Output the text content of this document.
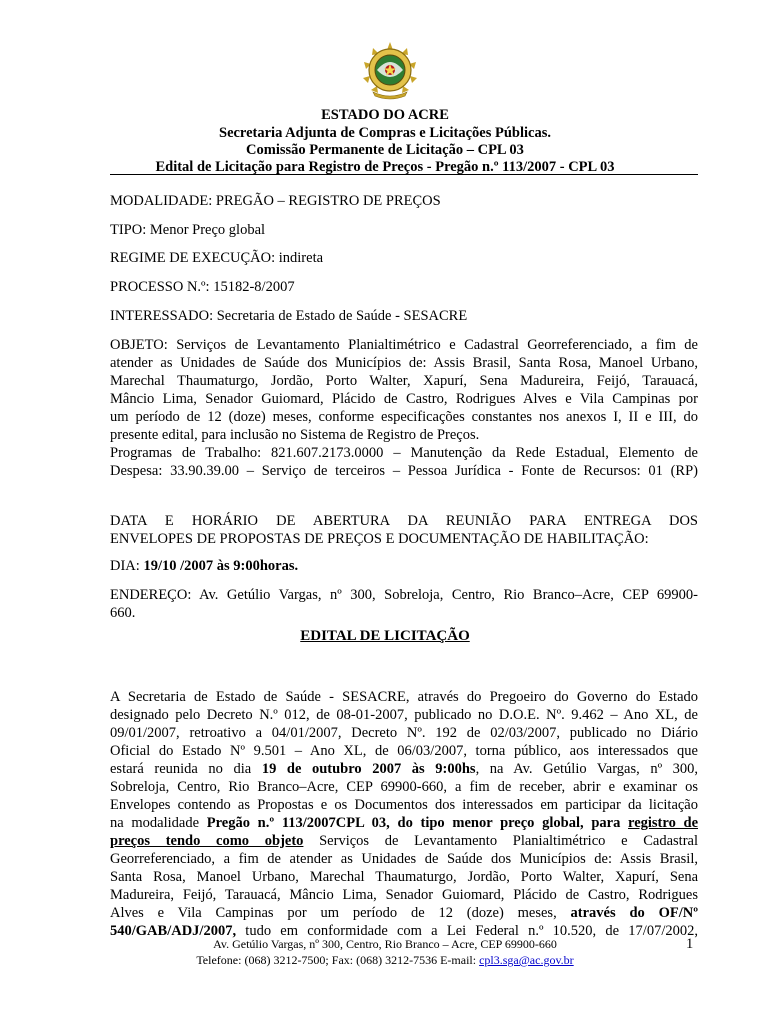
ESTADO DO ACRE
Secretaria Adjunta de Compras e Licitações Públicas.
Comissão Permanente de Licitação – CPL 03
Edital de Licitação para Registro de Preços - Pregão n.º 113/2007 - CPL 03
MODALIDADE: PREGÃO – REGISTRO DE PREÇOS
TIPO: Menor Preço global
REGIME DE EXECUÇÃO: indireta
PROCESSO N.º: 15182-8/2007
INTERESSADO: Secretaria de Estado de Saúde - SESACRE
OBJETO: Serviços de Levantamento Planialtimétrico e Cadastral Georreferenciado, a fim de
atender as Unidades de Saúde dos Municípios de: Assis Brasil, Santa Rosa, Manoel Urbano,
Marechal Thaumaturgo, Jordão, Porto Walter, Xapurí, Sena Madureira, Feijó, Tarauacá,
Mâncio Lima, Senador Guiomard, Plácido de Castro, Rodrigues Alves e Vila Campinas por
um período de 12 (doze) meses, conforme especificações constantes nos anexos I, II e III, do
presente edital, para inclusão no Sistema de Registro de Preços.
Programas de Trabalho: 821.607.2173.0000 – Manutenção da Rede Estadual, Elemento de
Despesa: 33.90.39.00 – Serviço de terceiros – Pessoa Jurídica - Fonte de Recursos: 01 (RP)
DATA E HORÁRIO DE ABERTURA DA REUNIÃO PARA ENTREGA DOS
ENVELOPES DE PROPOSTAS DE PREÇOS E DOCUMENTAÇÃO DE HABILITAÇÃO:
DIA: 19/10 /2007 às 9:00horas.
ENDEREÇO: Av. Getúlio Vargas, nº 300, Sobreloja, Centro, Rio Branco–Acre, CEP 69900-
660.
EDITAL DE LICITAÇÃO
A Secretaria de Estado de Saúde - SESACRE, através do Pregoeiro do Governo do Estado
designado pelo Decreto N.º 012, de 08-01-2007, publicado no D.O.E. Nº. 9.462 – Ano XL, de
09/01/2007, retroativo a 04/01/2007, Decreto Nº. 192 de 02/03/2007, publicado no Diário
Oficial do Estado Nº 9.501 – Ano XL, de 06/03/2007, torna público, aos interessados que
estará reunida no dia 19 de outubro 2007 às 9:00hs, na Av. Getúlio Vargas, nº 300,
Sobreloja, Centro, Rio Branco–Acre, CEP 69900-660, a fim de receber, abrir e examinar os
Envelopes contendo as Propostas e os Documentos dos interessados em participar da licitação
na modalidade Pregão n.º 113/2007CPL 03, do tipo menor preço global, para registro de
preços tendo como objeto Serviços de Levantamento Planialtimétrico e Cadastral
Georreferenciado, a fim de atender as Unidades de Saúde dos Municípios de: Assis Brasil,
Santa Rosa, Manoel Urbano, Marechal Thaumaturgo, Jordão, Porto Walter, Xapurí, Sena
Madureira, Feijó, Tarauacá, Mâncio Lima, Senador Guiomard, Plácido de Castro, Rodrigues
Alves e Vila Campinas por um período de 12 (doze) meses, através do OF/Nº
540/GAB/ADJ/2007, tudo em conformidade com a Lei Federal n.º 10.520, de 17/07/2002,
Av. Getúlio Vargas, nº 300, Centro, Rio Branco – Acre, CEP 69900-660
Telefone: (068) 3212-7500; Fax: (068) 3212-7536 E-mail: cpl3.sga@ac.gov.br
1
